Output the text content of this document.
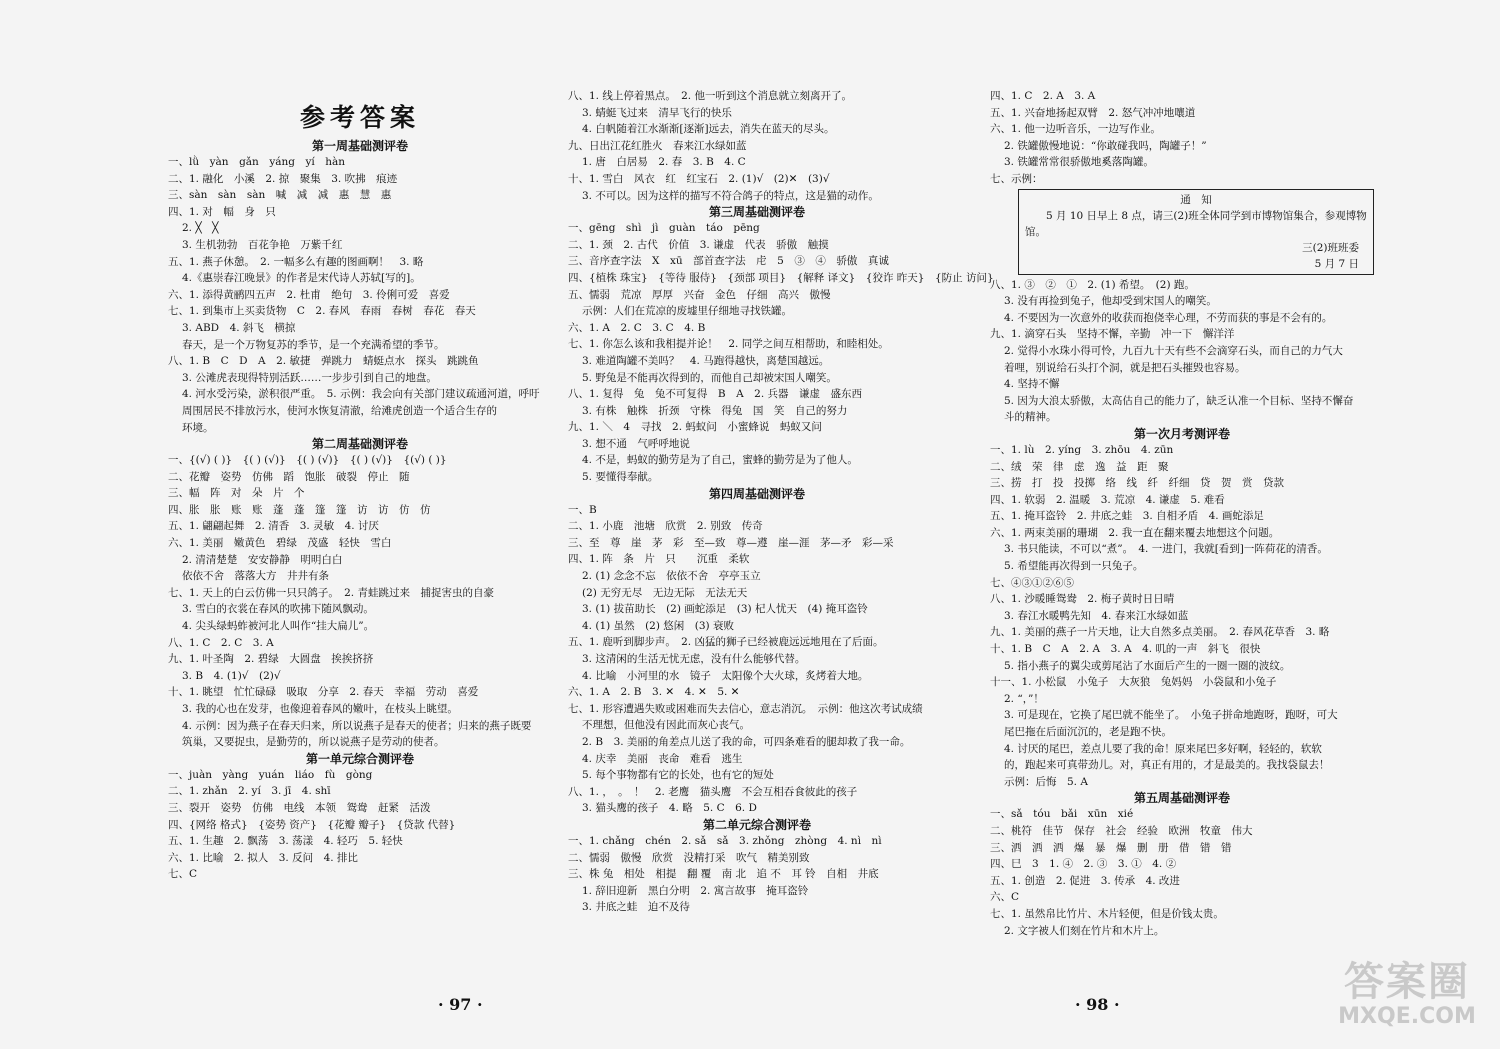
参考答案
第一周基础测评卷
一、lǜ　yàn　gǎn　yáng　yí　hàn
二、1. 融化　小溪　2. 掠　聚集　3. 吹拂　痕迹
三、sàn　sàn　sàn　喊　减　减　惠　慧　惠
四、1. 对　幅　身　只
2. ╳　╳
3. 生机勃勃　百花争艳　万紫千红
五、1. 燕子休憩。　2. 一幅多么有趣的图画啊！　3. 略
4.《惠崇春江晚景》的作者是宋代诗人苏轼[写的]。
六、1. 添得黄鹂四五声　2. 杜甫　绝句　3. 伶俐可爱　喜爱
七、1. 到集市上买卖货物　C　2. 春风　春雨　春树　春花　春天
3. ABD　4. 斜飞　横掠
春天，是一个万物复苏的季节，是一个充满希望的季节。
八、1. B　C　D　A　2. 敏捷　弹跳力　蜻蜓点水　探头　跳跳鱼
3. 公滩虎表现得特别活跃……一步步引到自己的地盘。
4. 河水受污染，淤积很严重。　5. 示例：我会向有关部门建议疏通河道，呼吁
周围居民不排放污水，使河水恢复清澈，给滩虎创造一个适合生存的
环境。
第二周基础测评卷
一、{(√) ( )}　{( ) (√)}　{( ) (√)}　{( ) (√)}　{(√) ( )}
二、花瓣　姿势　仿佛　蹈　饱胀　破裂　停止　随
三、幅　阵　对　朵　片　个
四、胀　胀　账　账　蓬　蓬　篷　篷　访　访　仿　仿
五、1. 翩翩起舞　2. 清香　3. 灵敏　4. 讨厌
六、1. 美丽　嫩黄色　碧绿　茂盛　轻快　雪白
2. 清清楚楚　安安静静　明明白白
依依不舍　落落大方　井井有条
七、1. 天上的白云仿佛一只只鸽子。　2. 青蛙跳过来　捕捉害虫的自豪
3. 雪白的衣裳在春风的吹拂下随风飘动。
4. 尖头绿蚂蚱被河北人叫作“挂大扁儿”。
八、1. C　2. C　3. A
九、1. 叶圣陶　2. 碧绿　大圆盘　挨挨挤挤
3. B　4. (1)√　(2)√
十、1. 眺望　忙忙碌碌　吸取　分享　2. 春天　幸福　劳动　喜爱
3. 我的心也在发芽，也像迎着春风的嫩叶，在枝头上眺望。
4. 示例：因为燕子在春天归来，所以说燕子是春天的使者；归来的燕子既要
筑巢，又要捉虫，是勤劳的，所以说燕子是劳动的使者。
第一单元综合测评卷
一、juàn　yàng　yuán　liáo　fù　gòng
二、1. zhǎn　2. yí　3. jī　4. shī
三、裂开　姿势　仿佛　电线　本领　鸳鸯　赶紧　活泼
四、{网络 格式}　{姿势 资产}　{花瓣 瓣子}　{贷款 代替}
五、1. 生趣　2. 飘荡　3. 荡漾　4. 轻巧　5. 轻快
六、1. 比喻　2. 拟人　3. 反问　4. 排比
七、C
八、1. 线上停着黑点。　2. 他一听到这个消息就立刻离开了。
3. 蜻蜓飞过来　清早飞行的快乐
4. 白帆随着江水渐渐[逐渐]远去，消失在蓝天的尽头。
九、日出江花红胜火　春来江水绿如蓝
1. 唐　白居易　2. 春　3. B　4. C
十、1. 雪白　风衣　红　红宝石　2. (1)√　(2)✕　(3)√
3. 不可以。因为这样的描写不符合鸽子的特点，这是猫的动作。
第三周基础测评卷
一、gēng　shì　jì　guàn　táo　pēng
二、1. 颈　2. 古代　价值　3. 谦虚　代表　骄傲　触摸
三、音序查字法　X　xū　部首查字法　虍　5　③　④　骄傲　真诚
四、{植株 珠宝}　{等待 服侍}　{颈部 项目}　{解释 译文}　{狡诈 昨天}　{防止 访问}
五、懦弱　荒凉　厚厚　兴奋　金色　仔细　高兴　傲慢
示例：人们在荒凉的废墟里仔细地寻找铁罐。
六、1. A　2. C　3. C　4. B
七、1. 你怎么该和我相提并论！　2. 同学之间互相帮助，和睦相处。
3. 难道陶罐不美吗？　4. 马跑得越快，离楚国越远。
5. 野兔是不能再次得到的，而他自己却被宋国人嘲笑。
八、1. 复得　兔　兔不可复得　B　A　2. 兵器　谦虚　盛东西
3. 有株　触株　折颈　守株　得兔　国　笑　自己的努力
九、1. ＼　4　寻找　2. 蚂蚁问　小蜜蜂说　蚂蚁又问
3. 想不通　气呼呼地说
4. 不是，蚂蚁的勤劳是为了自己，蜜蜂的勤劳是为了他人。
5. 要懂得奉献。
第四周基础测评卷
一、B
二、1. 小鹿　池塘　欣赏　2. 别致　传奇
三、至　尊　崖　茅　彩　至—致　尊—遵　崖—涯　茅—矛　彩—采
四、1. 阵　条　片　只　　沉重　柔软
2. (1) 念念不忘　依依不舍　亭亭玉立
(2) 无穷无尽　无边无际　无法无天
3. (1) 拔苗助长　(2) 画蛇添足　(3) 杞人忧天　(4) 掩耳盗铃
4. (1) 虽然　(2) 悠闲　(3) 衰败
五、1. 鹿听到脚步声。　2. 凶猛的狮子已经被鹿远远地甩在了后面。
3. 这清闲的生活无忧无虑，没有什么能够代替。
4. 比喻　小河里的水　镜子　太阳像个大火球，炙烤着大地。
六、1. A　2. B　3. ✕　4. ✕　5. ✕
七、1. 形容遭遇失败或困难而失去信心，意志消沉。　示例：他这次考试成绩
不理想，但他没有因此而灰心丧气。
2. B　3. 美丽的角差点儿送了我的命，可四条难看的腿却救了我一命。
4. 庆幸　美丽　丧命　难看　逃生
5. 每个事物都有它的长处，也有它的短处
八、1. ，　。　！　2. 老鹰　猫头鹰　不会互相吞食彼此的孩子
3. 猫头鹰的孩子　4. 略　5. C　6. D
第二单元综合测评卷
一、1. chǎng　chén　2. sǎ　sǎ　3. zhǒng　zhòng　4. nì　nì
二、懦弱　傲慢　欣赏　没精打采　吹气　精美别致
三、株 兔　相处　相提　翻 覆　南 北　追 不　耳 铃　自相　井底
1. 辞旧迎新　黑白分明　2. 寓言故事　掩耳盗铃
3. 井底之蛙　迫不及待
四、1. C　2. A　3. A
五、1. 兴奋地扬起双臂　2. 怒气冲冲地嚷道
六、1. 他一边听音乐，一边写作业。
2. 铁罐傲慢地说：“你敢碰我吗，陶罐子！”
3. 铁罐常常很骄傲地奚落陶罐。
七、示例：
通　知
5 月 10 日早上 8 点，请三(2)班全体同学到市博物馆集合，参观博物馆。
三(2)班班委
5 月 7 日
八、1. ③　②　①　2. (1) 希望。　(2) 跑。
3. 没有再捡到兔子，他却受到宋国人的嘲笑。
4. 不要因为一次意外的收获而抱侥幸心理，不劳而获的事是不会有的。
九、1. 滴穿石头　坚持不懈，辛勤　冲一下　懈洋洋
2. 觉得小水珠小得可怜，九百九十天有些不会滴穿石头，而自己的力气大
着哩，别说给石头打个洞，就是把石头摧毁也容易。
4. 坚持不懈
5. 因为大浪太骄傲，太高估自己的能力了，缺乏认准一个目标、坚持不懈奋
斗的精神。
第一次月考测评卷
一、1. lù　2. yíng　3. zhōu　4. zūn
二、绒　荣　律　虑　逸　益　距　聚
三、捞　打　投　投掷　络　线　纤　纤细　贷　贺　赏　贷款
四、1. 软弱　2. 温暖　3. 荒凉　4. 谦虚　5. 难看
五、1. 掩耳盗铃　2. 井底之蛙　3. 自相矛盾　4. 画蛇添足
六、1. 两束美丽的珊瑚　2. 我一直在翻来覆去地想这个问题。
3. 书只能读，不可以“煮”。　4. 一进门，我就[看到]一阵荷花的清香。
5. 希望能再次得到一只兔子。
七、④③①②⑥⑤
八、1. 沙暖睡鸳鸯　2. 梅子黄时日日晴
3. 春江水暖鸭先知　4. 春来江水绿如蓝
九、1. 美丽的燕子一片天地，让大自然多点美丽。　2. 春风花草香　3. 略
十、1. B　C　A　2. A　3. A　4. 叽的一声　斜飞　很快
5. 指小燕子的翼尖或剪尾沾了水面后产生的一圈一圈的波纹。
十一、1. 小松鼠　小兔子　大灰狼　兔妈妈　小袋鼠和小兔子
2. “，”！
3. 可是现在，它换了尾巴就不能坐了。　小兔子拼命地跑呀，跑呀，可大
尾巴拖在后面沉沉的，老是跑不快。
4. 讨厌的尾巴，差点儿要了我的命！原来尾巴多好啊，轻轻的，软软
的，跑起来可真带劲儿。对，真正有用的，才是最美的。我找袋鼠去！
示例：后悔　5. A
第五周基础测评卷
一、sǎ　tóu　bǎi　xūn　xié
二、桃符　佳节　保存　社会　经验　欧洲　牧童　伟大
三、洒　洒　洒　爆　暴　爆　删　册　借　错　错
四、巳　3　1. ④　2. ③　3. ①　4. ②
五、1. 创造　2. 促进　3. 传承　4. 改进
六、C
七、1. 虽然帛比竹片、木片轻便，但是价钱太贵。
2. 文字被人们刻在竹片和木片上。
· 97 ·	· 98 ·	答案圈
MXQE.COM
